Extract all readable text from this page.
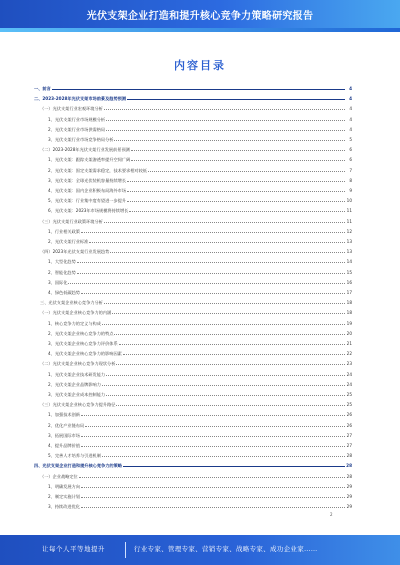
光伏支架企业打造和提升核心竞争力策略研究报告
内容目录
一、前言	4
二、2023-2028年光伏支架市场前景及趋势预测	4
（一）光伏支架行业宏观环境分析	4
1、光伏支架行业市场规模分析	4
2、光伏支架行业市场供需格局	4
3、光伏支架行业市场竞争格局分析	5
（二）2023-2028年光伏支架行业发展前景预测	6
1、光伏支架：跟踪支架渗透率提升空间广阔	6
2、光伏支架：固定支架需求稳定，技术要求相对较低	7
3、光伏支架：全球光伏装机容量持续增长	8
4、光伏支架：国内企业积极布局海外市场	9
5、光伏支架：行业集中度有望进一步提升	10
6、光伏支架：2023年市场规模将持续增长	11
（三）光伏支架行业政策环境分析	11
1、行业相关政策	12
2、光伏支架行业标准	13
（四）2023年光伏支架行业发展趋势	13
1、大型化趋势	14
2、智能化趋势	15
3、国际化	16
4、绿色低碳趋势	17
三、光伏支架企业核心竞争力分析	18
（一）光伏支架企业核心竞争力的内涵	18
1、核心竞争力的定义与构成	19
2、光伏支架企业核心竞争力的特点	20
3、光伏支架企业核心竞争力评价体系	21
4、光伏支架企业核心竞争力的影响因素	22
（二）光伏支架企业核心竞争力现状分析	23
1、光伏支架企业技术研发能力	24
2、光伏支架企业品牌影响力	24
3、光伏支架企业成本控制能力	25
（三）光伏支架企业核心竞争力提升路径	25
1、加强技术创新	26
2、优化产业链布局	26
3、拓展国际市场	27
4、提升品牌价值	27
5、完善人才培养与引进机制	28
四、光伏支架企业打造和提升核心竞争力的策略	28
（一）企业战略定位	28
1、明确发展方向	29
2、制定实施计划	29
3、持续改进优化	29
2
让每个人平等地提升	行业专家、管理专家、营销专家、战略专家、成功企业家……
